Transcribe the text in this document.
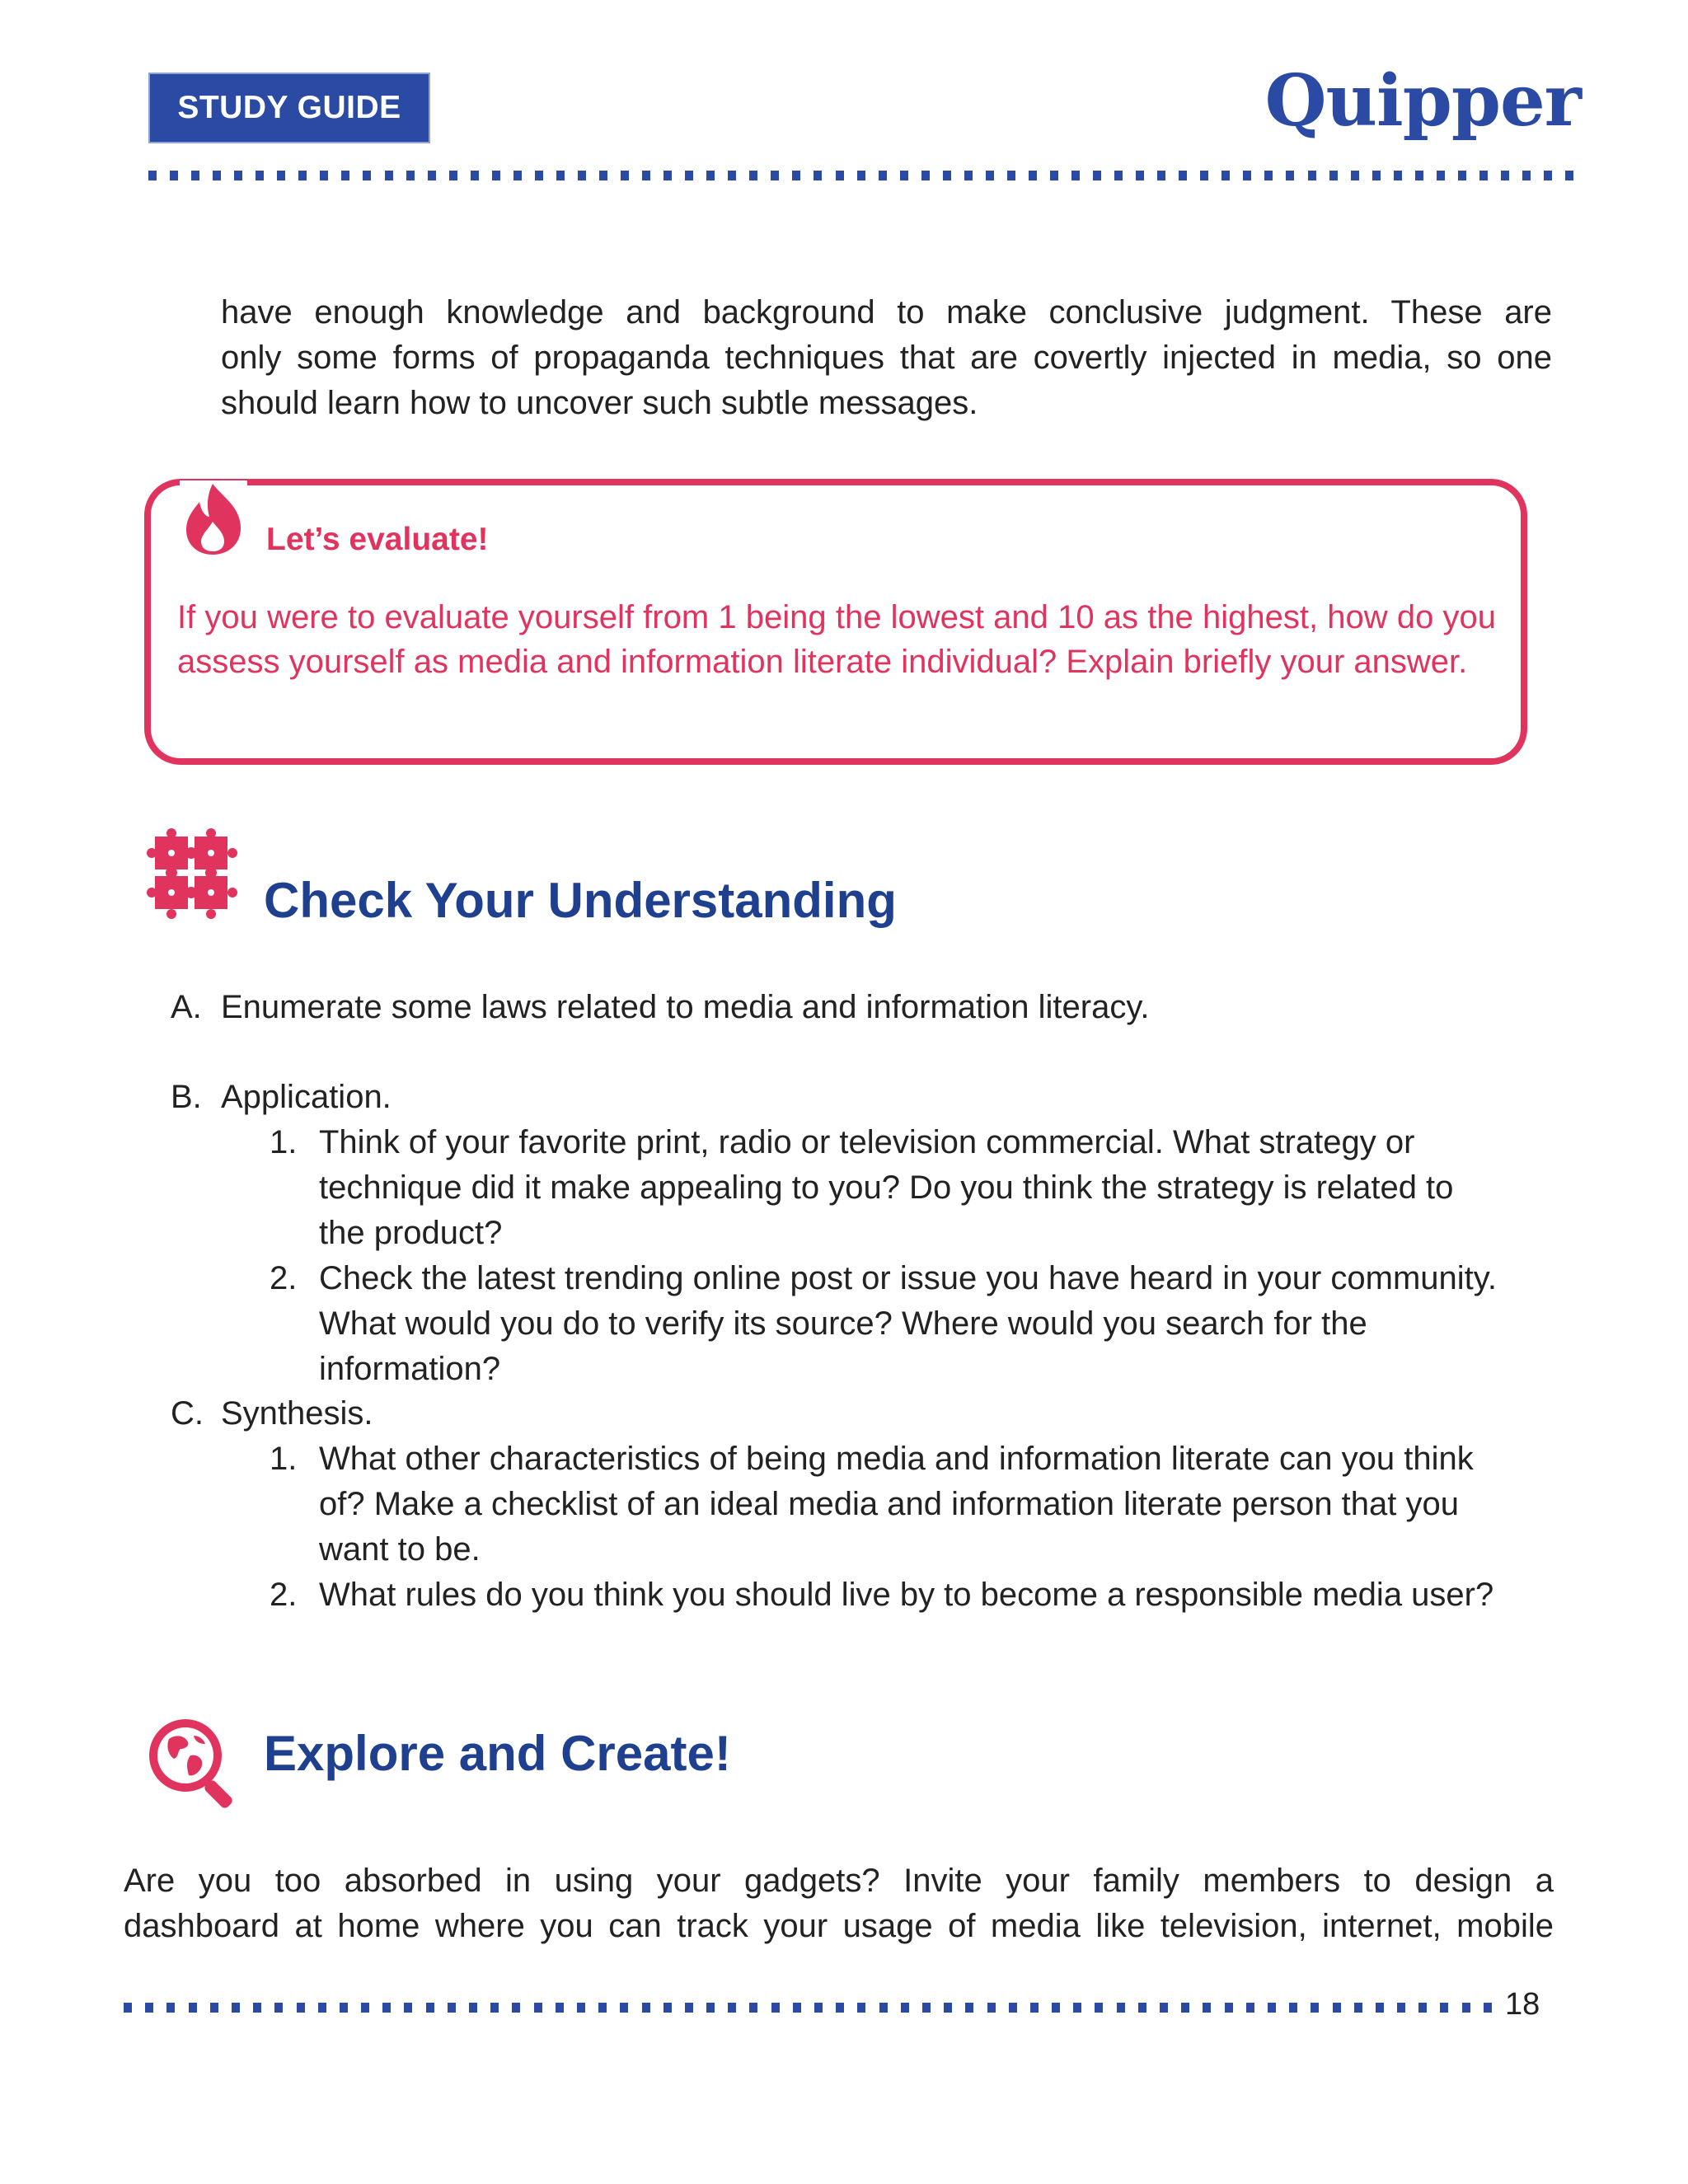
STUDY GUIDE	Quipper
have enough knowledge and background to make conclusive judgment. These are
only some forms of propaganda techniques that are covertly injected in media, so one
should learn how to uncover such subtle messages.
Let’s evaluate!
If you were to evaluate yourself from 1 being the lowest and 10 as the highest, how do you assess yourself as media and information literate individual? Explain briefly your answer.
Check Your Understanding
A. Enumerate some laws related to media and information literacy.
B. Application.
1. Think of your favorite print, radio or television commercial. What strategy or
technique did it make appealing to you? Do you think the strategy is related to
the product?
2. Check the latest trending online post or issue you have heard in your community.
What would you do to verify its source? Where would you search for the
information?
C. Synthesis.
1. What other characteristics of being media and information literate can you think
of? Make a checklist of an ideal media and information literate person that you
want to be.
2. What rules do you think you should live by to become a responsible media user?
Explore and Create!
Are you too absorbed in using your gadgets? Invite your family members to design a
dashboard at home where you can track your usage of media like television, internet, mobile
18
